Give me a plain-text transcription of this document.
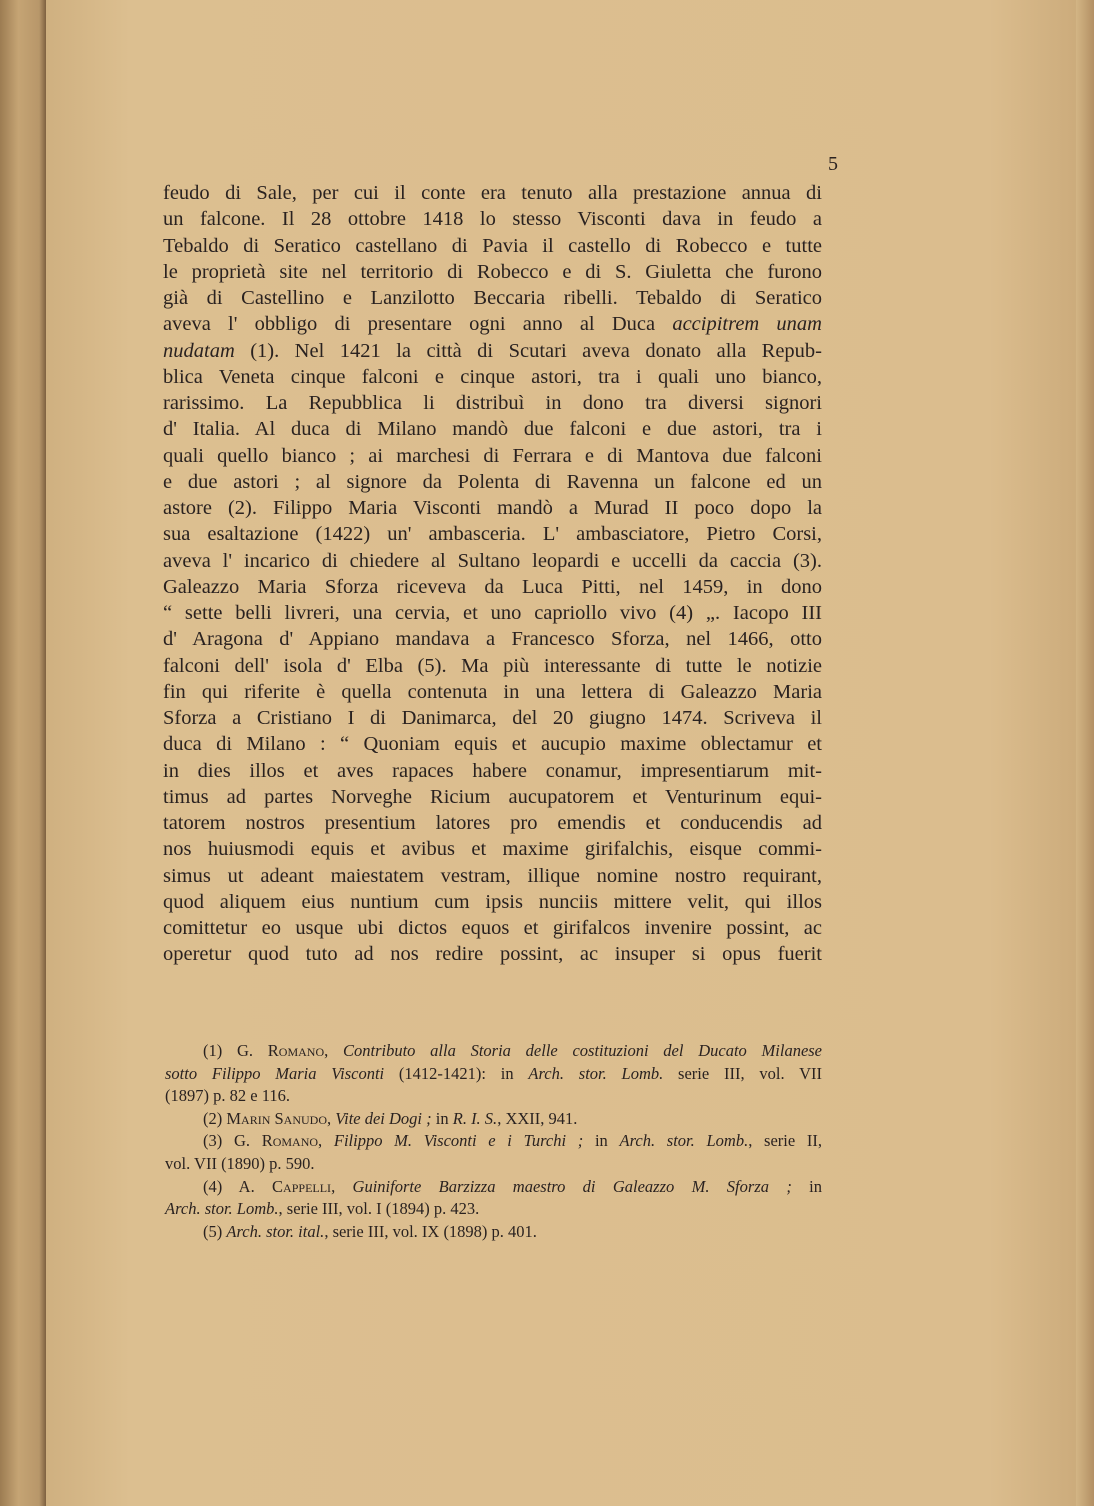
5
feudo di Sale, per cui il conte era tenuto alla prestazione annua di
un falcone. Il 28 ottobre 1418 lo stesso Visconti dava in feudo a
Tebaldo di Seratico castellano di Pavia il castello di Robecco e tutte
le proprietà site nel territorio di Robecco e di S. Giuletta che furono
già di Castellino e Lanzilotto Beccaria ribelli. Tebaldo di Seratico
aveva l' obbligo di presentare ogni anno al Duca accipitrem unam
nudatam (1). Nel 1421 la città di Scutari aveva donato alla Repub-
blica Veneta cinque falconi e cinque astori, tra i quali uno bianco,
rarissimo. La Repubblica li distribuì in dono tra diversi signori
d' Italia. Al duca di Milano mandò due falconi e due astori, tra i
quali quello bianco ; ai marchesi di Ferrara e di Mantova due falconi
e due astori ; al signore da Polenta di Ravenna un falcone ed un
astore (2). Filippo Maria Visconti mandò a Murad II poco dopo la
sua esaltazione (1422) un' ambasceria. L' ambasciatore, Pietro Corsi,
aveva l' incarico di chiedere al Sultano leopardi e uccelli da caccia (3).
Galeazzo Maria Sforza riceveva da Luca Pitti, nel 1459, in dono
“ sette belli livreri, una cervia, et uno capriollo vivo (4) „. Iacopo III
d' Aragona d' Appiano mandava a Francesco Sforza, nel 1466, otto
falconi dell' isola d' Elba (5). Ma più interessante di tutte le notizie
fin qui riferite è quella contenuta in una lettera di Galeazzo Maria
Sforza a Cristiano I di Danimarca, del 20 giugno 1474. Scriveva il
duca di Milano : “ Quoniam equis et aucupio maxime oblectamur et
in dies illos et aves rapaces habere conamur, impresentiarum mit-
timus ad partes Norveghe Ricium aucupatorem et Venturinum equi-
tatorem nostros presentium latores pro emendis et conducendis ad
nos huiusmodi equis et avibus et maxime girifalchis, eisque commi-
simus ut adeant maiestatem vestram, illique nomine nostro requirant,
quod aliquem eius nuntium cum ipsis nunciis mittere velit, qui illos
comittetur eo usque ubi dictos equos et girifalcos invenire possint, ac
operetur quod tuto ad nos redire possint, ac insuper si opus fuerit
(1) G. Romano, Contributo alla Storia delle costituzioni del Ducato Milanese
sotto Filippo Maria Visconti (1412-1421): in Arch. stor. Lomb. serie III, vol. VII
(1897) p. 82 e 116.
(2) Marin Sanudo, Vite dei Dogi ; in R. I. S., XXII, 941.
(3) G. Romano, Filippo M. Visconti e i Turchi ; in Arch. stor. Lomb., serie II,
vol. VII (1890) p. 590.
(4) A. Cappelli, Guiniforte Barzizza maestro di Galeazzo M. Sforza ; in
Arch. stor. Lomb., serie III, vol. I (1894) p. 423.
(5) Arch. stor. ital., serie III, vol. IX (1898) p. 401.
